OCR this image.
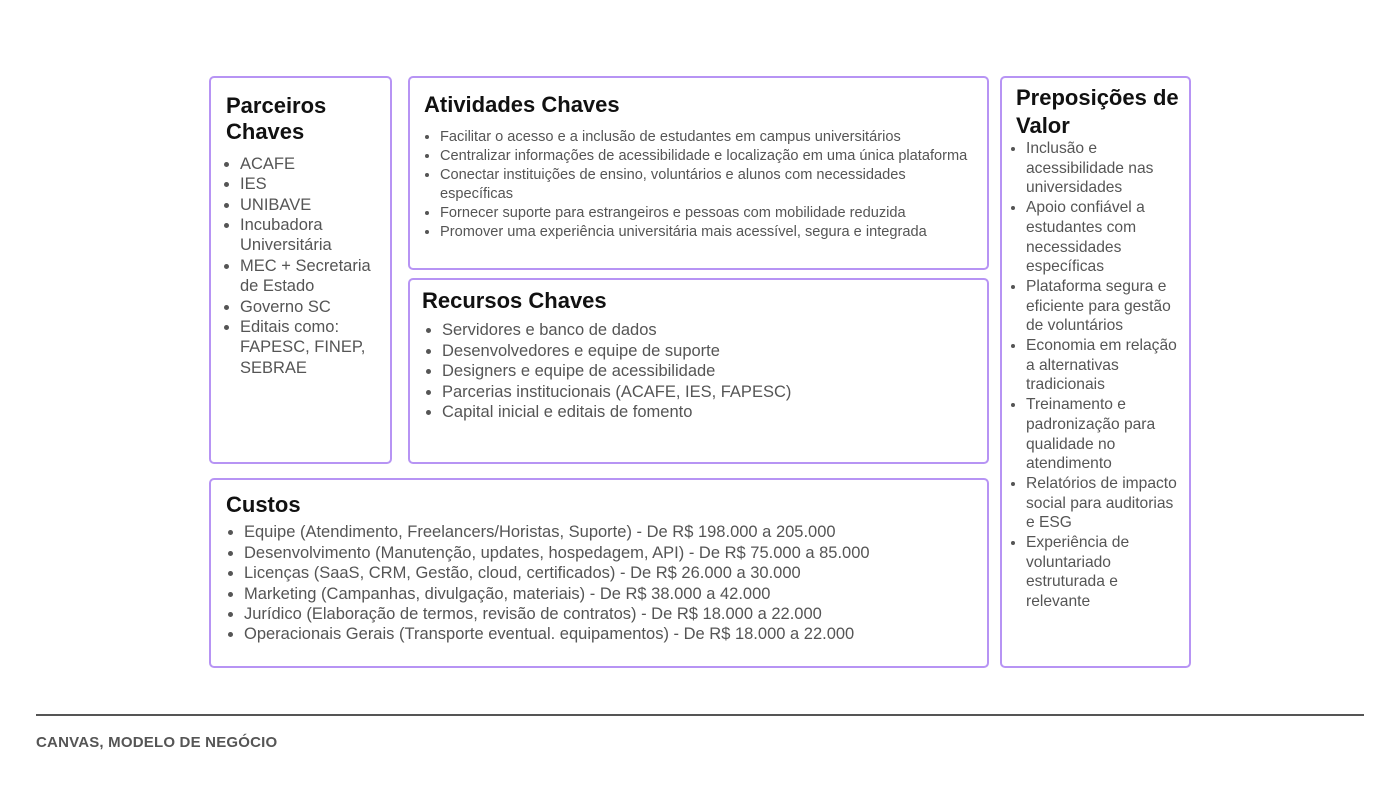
Parceiros Chaves
• ACAFE
• IES
• UNIBAVE
• Incubadora Universitária
• MEC + Secretaria de Estado
• Governo SC
• Editais como: FAPESC, FINEP, SEBRAE
Atividades Chaves
• Facilitar o acesso e a inclusão de estudantes em campus universitários
• Centralizar informações de acessibilidade e localização em uma única plataforma
• Conectar instituições de ensino, voluntários e alunos com necessidades específicas
• Fornecer suporte para estrangeiros e pessoas com mobilidade reduzida
• Promover uma experiência universitária mais acessível, segura e integrada
Recursos Chaves
• Servidores e banco de dados
• Desenvolvedores e equipe de suporte
• Designers e equipe de acessibilidade
• Parcerias institucionais (ACAFE, IES, FAPESC)
• Capital inicial e editais de fomento
Custos
• Equipe (Atendimento, Freelancers/Horistas, Suporte) - De R$ 198.000 a 205.000
• Desenvolvimento (Manutenção, updates, hospedagem, API) - De R$ 75.000 a 85.000
• Licenças (SaaS, CRM, Gestão, cloud, certificados) - De R$ 26.000 a 30.000
• Marketing (Campanhas, divulgação, materiais) - De R$ 38.000 a 42.000
• Jurídico (Elaboração de termos, revisão de contratos) - De R$ 18.000 a 22.000
• Operacionais Gerais (Transporte eventual. equipamentos) - De R$ 18.000 a 22.000
Preposições de Valor
• Inclusão e acessibilidade nas universidades
• Apoio confiável a estudantes com necessidades específicas
• Plataforma segura e eficiente para gestão de voluntários
• Economia em relação a alternativas tradicionais
• Treinamento e padronização para qualidade no atendimento
• Relatórios de impacto social para auditorias e ESG
• Experiência de voluntariado estruturada e relevante
CANVAS, MODELO DE NEGÓCIO
